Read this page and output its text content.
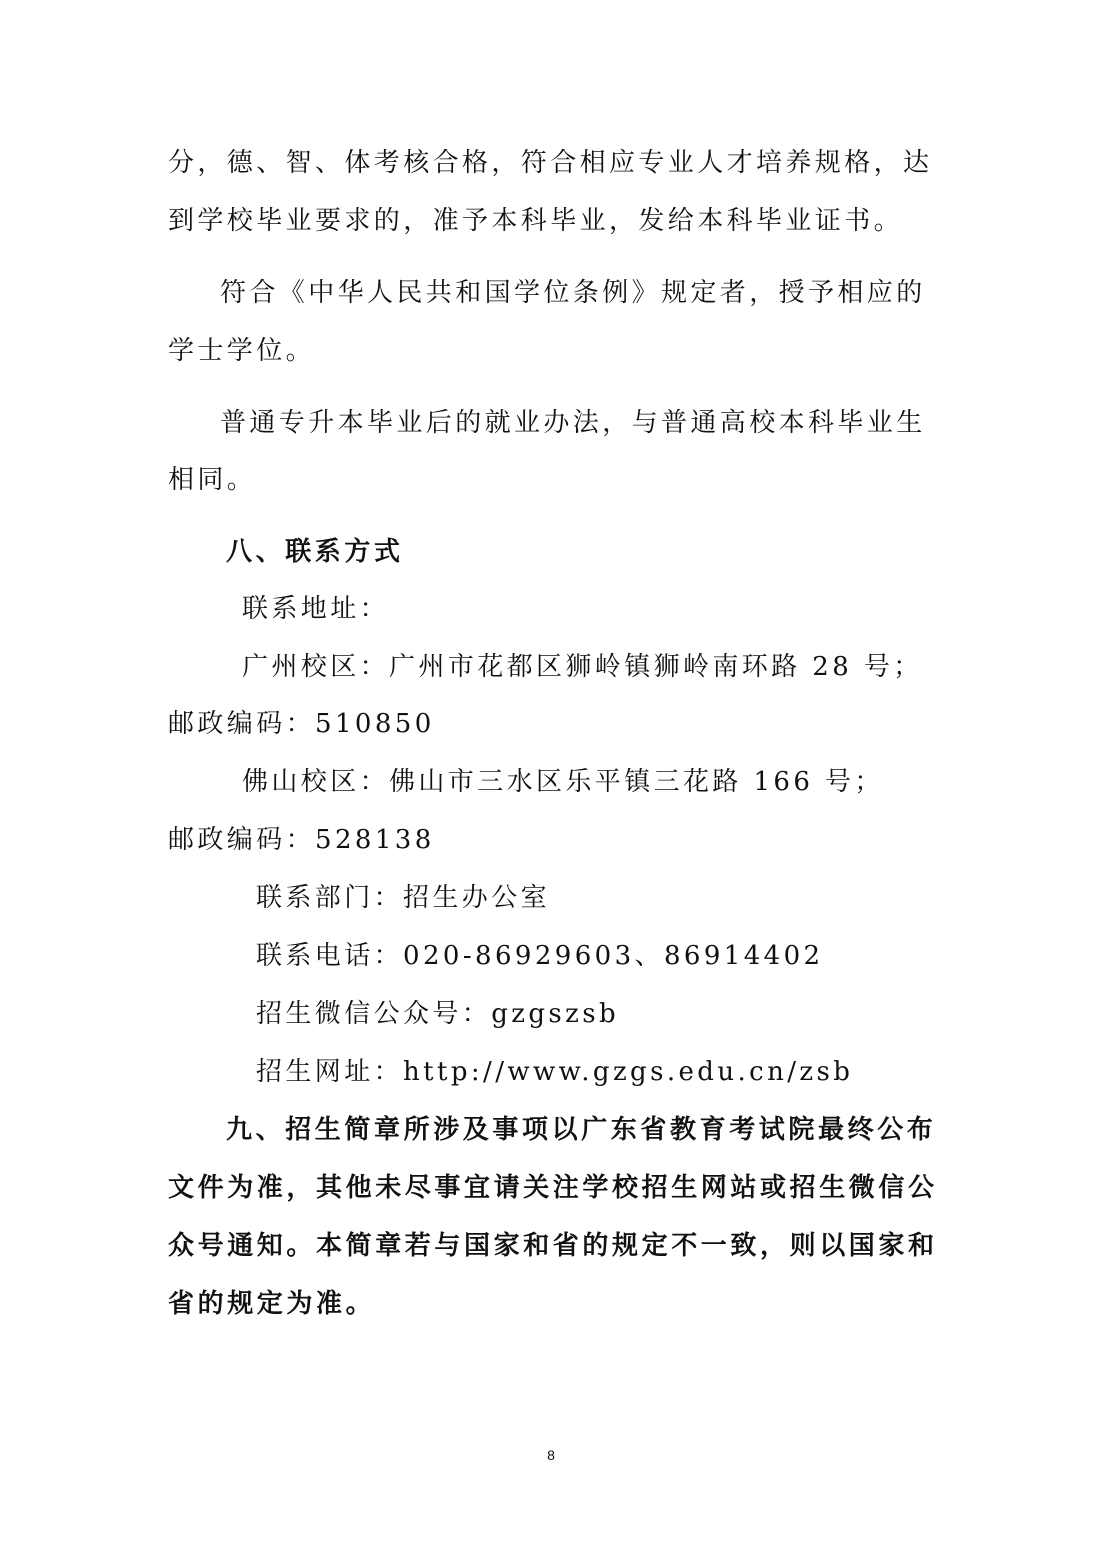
分，德、智、体考核合格，符合相应专业人才培养规格，达
到学校毕业要求的，准予本科毕业，发给本科毕业证书。
符合《中华人民共和国学位条例》规定者，授予相应的
学士学位。
普通专升本毕业后的就业办法，与普通高校本科毕业生
相同。
八、联系方式
联系地址：
广州校区：广州市花都区狮岭镇狮岭南环路 28 号；
邮政编码：510850
佛山校区：佛山市三水区乐平镇三花路 166 号；
邮政编码：528138
联系部门：招生办公室
联系电话：020-86929603、86914402
招生微信公众号：gzgszsb
招生网址：http://www.gzgs.edu.cn/zsb
九、招生简章所涉及事项以广东省教育考试院最终公布
文件为准，其他未尽事宜请关注学校招生网站或招生微信公
众号通知。本简章若与国家和省的规定不一致，则以国家和
省的规定为准。
8
